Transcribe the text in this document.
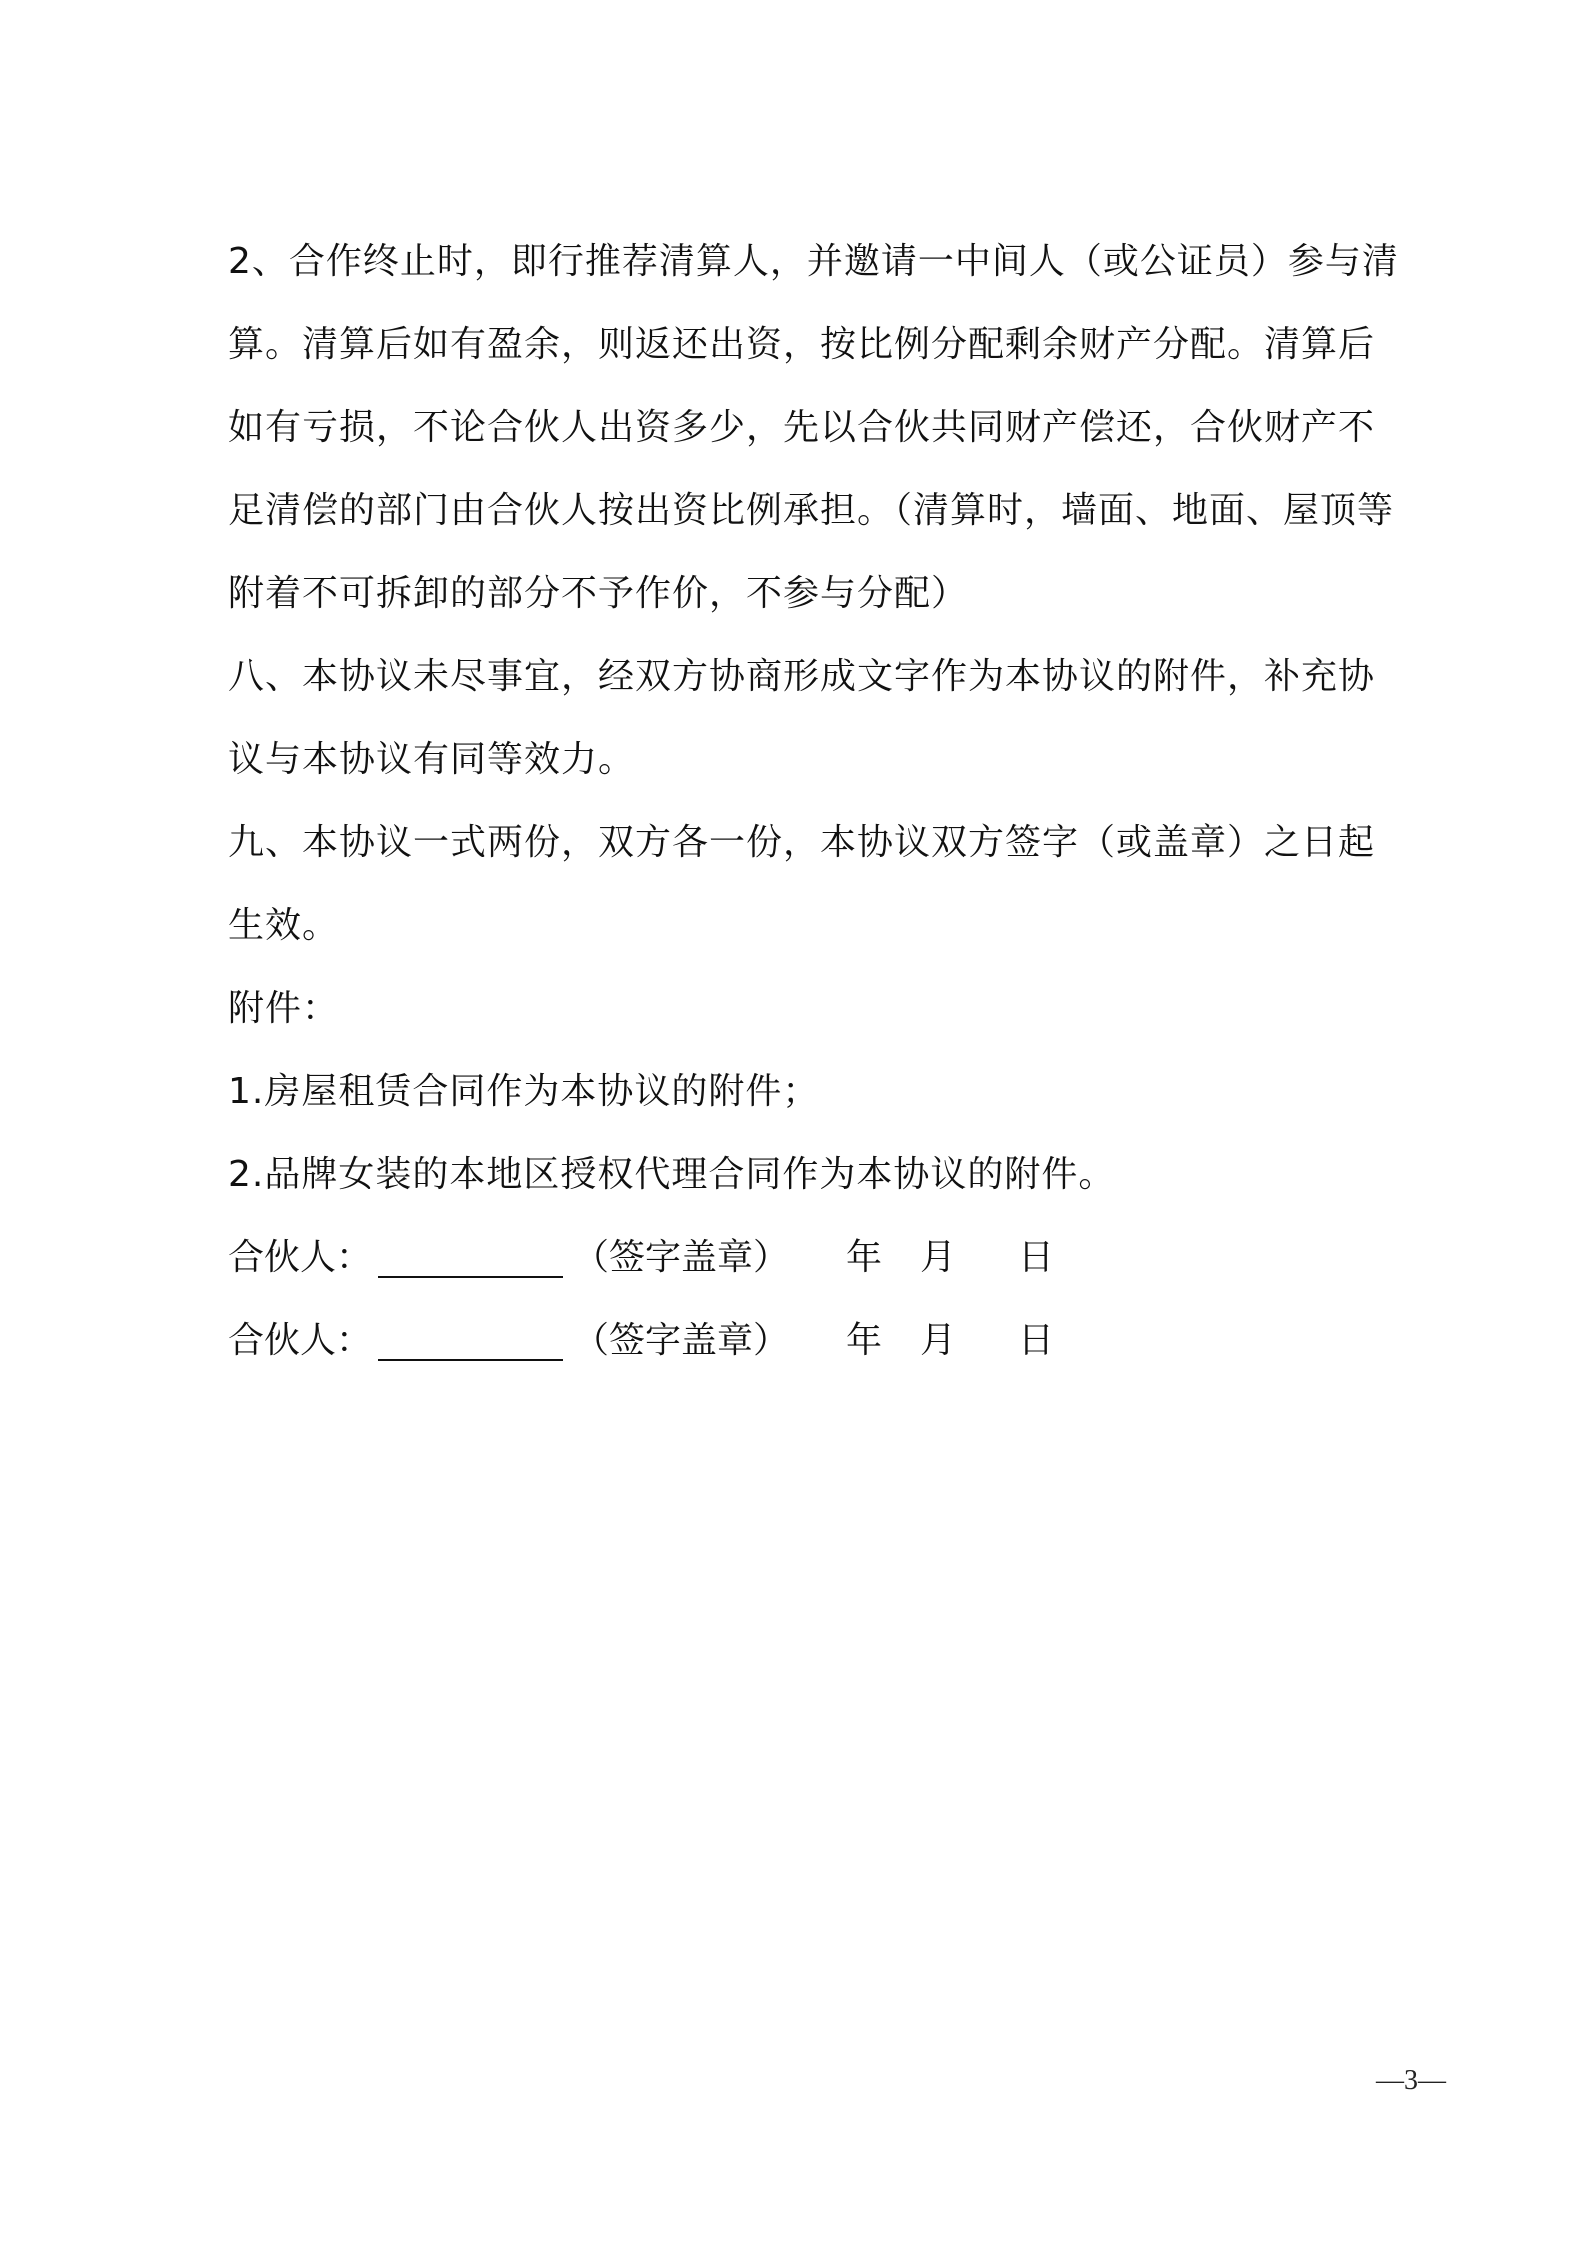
2、合作终止时，即行推荐清算人，并邀请一中间人（或公证员）参与清
算。清算后如有盈余，则返还出资，按比例分配剩余财产分配。清算后
如有亏损，不论合伙人出资多少，先以合伙共同财产偿还，合伙财产不
足清偿的部门由合伙人按出资比例承担。（清算时，墙面、地面、屋顶等
附着不可拆卸的部分不予作价，不参与分配）
八、本协议未尽事宜，经双方协商形成文字作为本协议的附件，补充协
议与本协议有同等效力。
九、本协议一式两份，双方各一份，本协议双方签字（或盖章）之日起
生效。
附件：
1.房屋租赁合同作为本协议的附件；
2.品牌女装的本地区授权代理合同作为本协议的附件。
合伙人：	（签字盖章） 年 月 日
合伙人：	（签字盖章） 年 月 日
—3—
